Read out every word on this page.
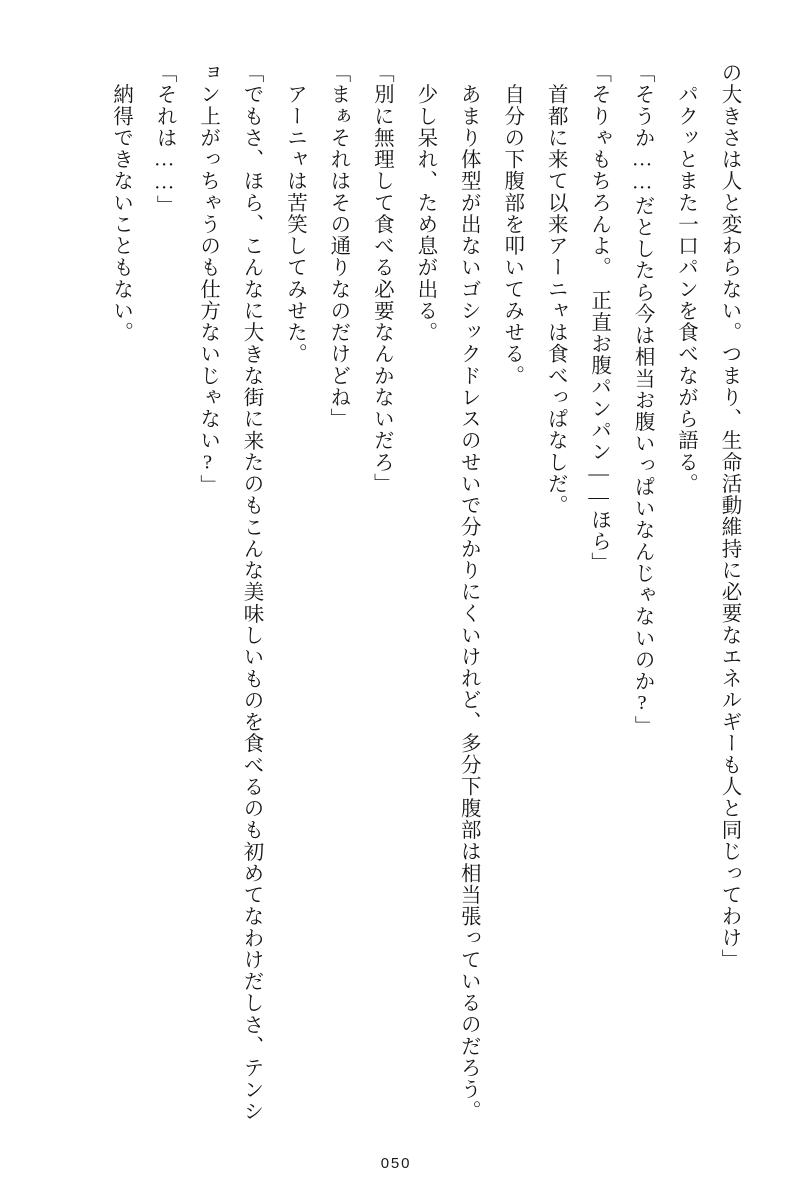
の大きさは人と変わらない。つまり、生命活動維持に必要なエネルギーも人と同じってわけ」

　パクッとまた一口パンを食べながら語る。

「そうか……だとしたら今は相当お腹いっぱいなんじゃないのか?」

「そりゃもちろんよ。　正直お腹パンパン——ほら」

　首都に来て以来アーニャは食べっぱなしだ。

　自分の下腹部を叩いてみせる。

　あまり体型が出ないゴシックドレスのせいで分かりにくいけれど、多分下腹部は相当張っているのだろう。

　少し呆れ、ため息が出る。

「別に無理して食べる必要なんかないだろ」

「まぁそれはその通りなのだけどね」

　アーニャは苦笑してみせた。

「でもさ、ほら、こんなに大きな街に来たのもこんな美味しいものを食べるのも初めてなわけだしさ、テンション上がっちゃうのも仕方ないじゃない?」

「それは……」

　納得できないこともない。

050
